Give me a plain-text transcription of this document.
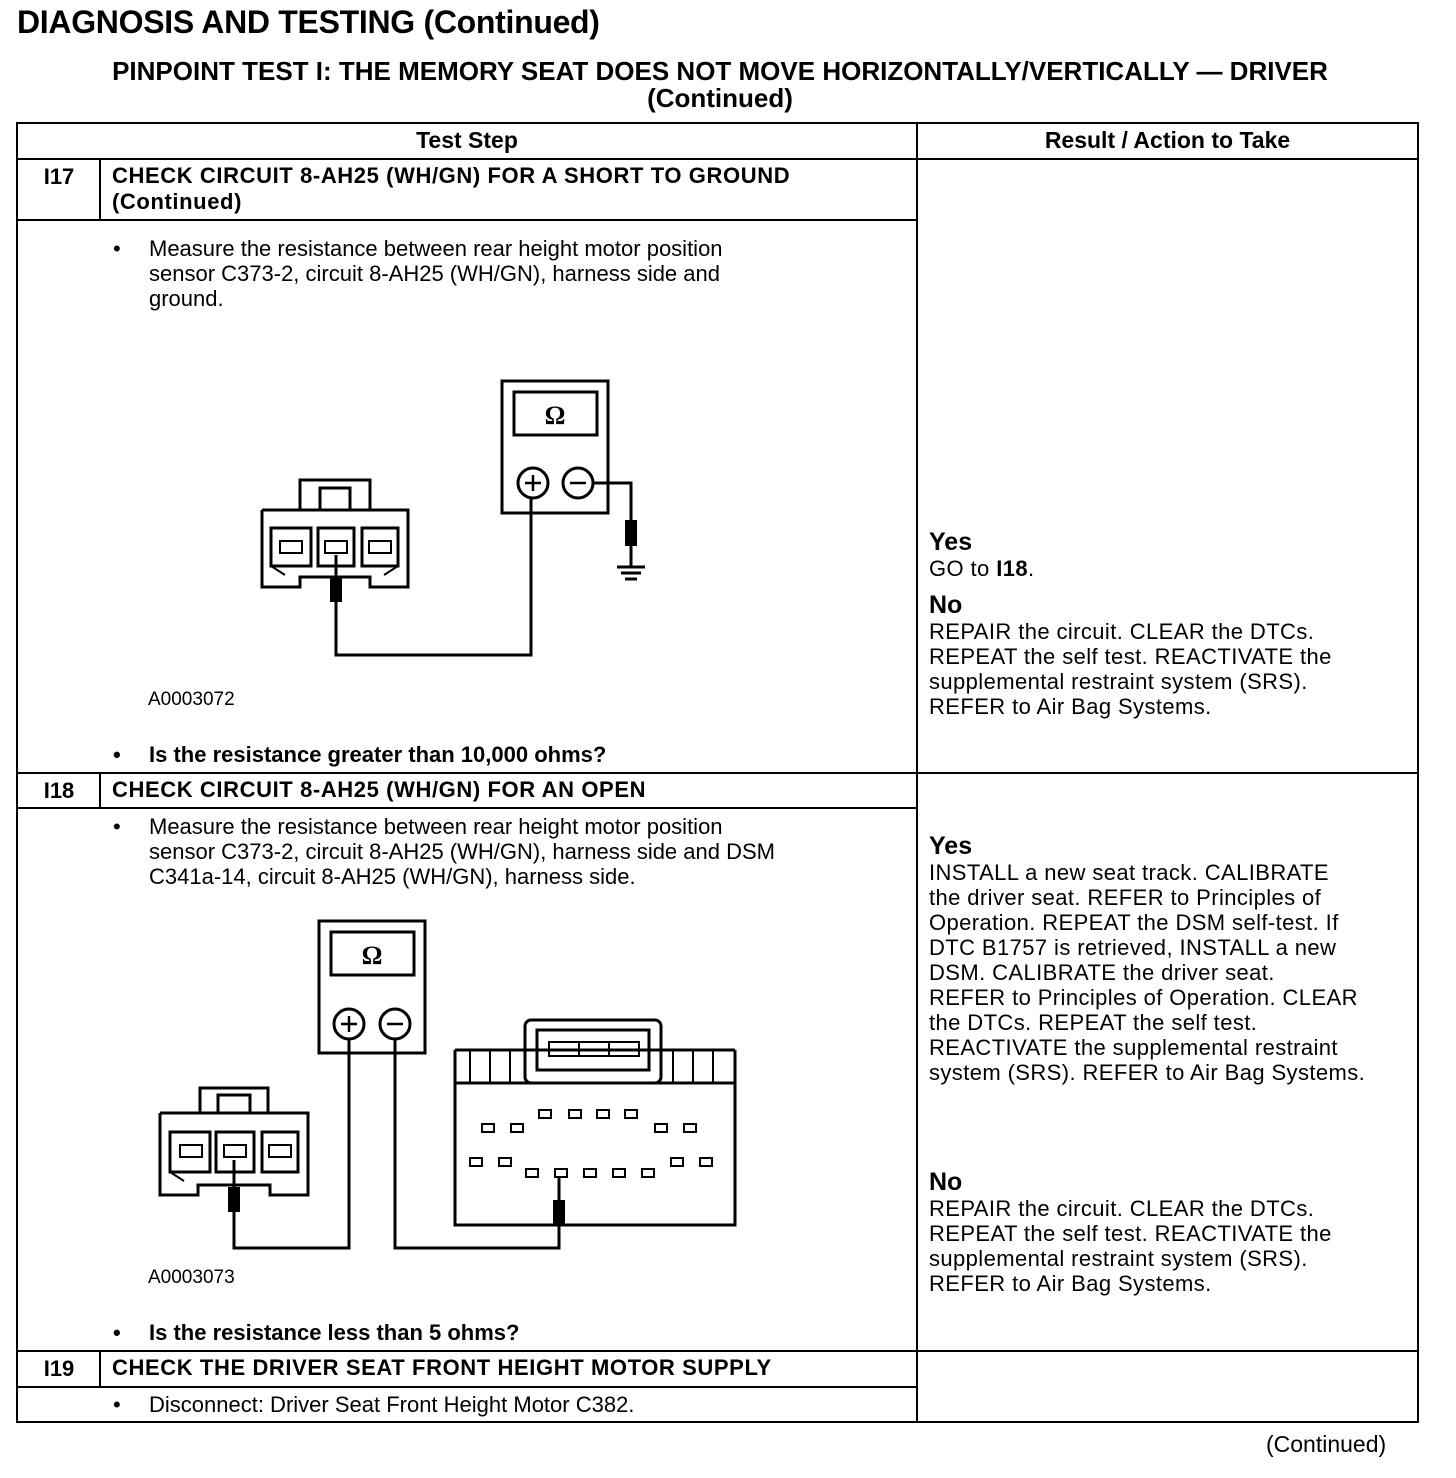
DIAGNOSIS AND TESTING (Continued)
PINPOINT TEST I: THE MEMORY SEAT DOES NOT MOVE HORIZONTALLY/VERTICALLY — DRIVER
(Continued)
Test Step	Result / Action to Take
I17	CHECK CIRCUIT 8-AH25 (WH/GN) FOR A SHORT TO GROUND
(Continued)
• Measure the resistance between rear height motor position
sensor C373-2, circuit 8-AH25 (WH/GN), harness side and
ground.
Ω
A0003072
• Is the resistance greater than 10,000 ohms?
Yes
GO to I18.
No
REPAIR the circuit. CLEAR the DTCs.
REPEAT the self test. REACTIVATE the
supplemental restraint system (SRS).
REFER to Air Bag Systems.
I18	CHECK CIRCUIT 8-AH25 (WH/GN) FOR AN OPEN
• Measure the resistance between rear height motor position
sensor C373-2, circuit 8-AH25 (WH/GN), harness side and DSM
C341a-14, circuit 8-AH25 (WH/GN), harness side.
Ω
A0003073
• Is the resistance less than 5 ohms?
Yes
INSTALL a new seat track. CALIBRATE
the driver seat. REFER to Principles of
Operation. REPEAT the DSM self-test. If
DTC B1757 is retrieved, INSTALL a new
DSM. CALIBRATE the driver seat.
REFER to Principles of Operation. CLEAR
the DTCs. REPEAT the self test.
REACTIVATE the supplemental restraint
system (SRS). REFER to Air Bag Systems.
No
REPAIR the circuit. CLEAR the DTCs.
REPEAT the self test. REACTIVATE the
supplemental restraint system (SRS).
REFER to Air Bag Systems.
I19	CHECK THE DRIVER SEAT FRONT HEIGHT MOTOR SUPPLY
• Disconnect: Driver Seat Front Height Motor C382.
(Continued)
